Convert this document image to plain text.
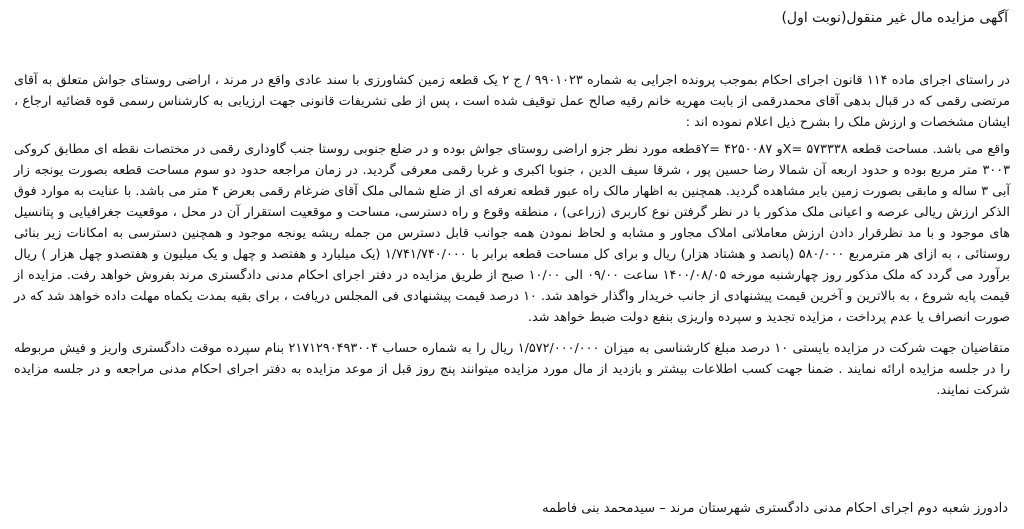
آگهی مزایده مال غیر منقول(نوبت اول)

در راستای اجرای ماده ۱۱۴ قانون اجرای احکام بموجب پرونده اجرایی به شماره ۹۹۰۱۰۲۳ / ج ۲ یک قطعه زمین کشاورزی با سند عادی واقع در مرند ، اراضی روستای جواش متعلق به آقای مرتضی رقمی که در قبال بدهی آقای محمدرقمی از بابت مهریه خانم رقیه صالح عمل توقیف شده است ، پس از طی تشریفات قانونی جهت ارزیابی به کارشناس رسمی قوه قضائیه ارجاع ، ایشان مشخصات و ارزش ملک را بشرح ذیل اعلام نموده اند :

واقع می باشد. مساحت قطعه ۵۷۳۳۳۸ =Xو ۴۲۵۰۰۸۷ =Yقطعه مورد نظر جزو اراضی روستای جواش بوده و در ضلع جنوبی روستا جنب گاوداری رقمی در مختصات نقطه ای مطابق کروکی ۳۰۰۳ متر مربع بوده و حدود اربعه آن شمالا رضا حسین پور ، شرقا سیف الدین ، جنوبا اکبری و غربا رقمی معرفی گردید. در زمان مراجعه حدود دو سوم مساحت قطعه بصورت یونجه زار آبی ۳ ساله و مابقی بصورت زمین بایر مشاهده گردید. همچنین به اظهار مالک راه عبور قطعه تعرفه ای از ضلع شمالی ملک آقای ضرغام رقمی بعرض ۴ متر می باشد. با عنایت به موارد فوق الذکر ارزش ریالی عرصه و اعیانی ملک مذکور با در نظر گرفتن نوع کاربری (زراعی) ، منطقه وقوع و راه دسترسی، مساحت و موقعیت استقرار آن در محل ، موقعیت جغرافیایی و پتانسیل های موجود و با مد نظرقرار دادن ارزش معاملاتی املاک مجاور و مشابه و لحاظ نمودن همه جوانب قابل دسترس من جمله ریشه یونجه موجود و همچنین دسترسی به امکانات زیر بنائی روستائی ، به ازای هر مترمربع ۵۸۰/۰۰۰ (پانصد و هشتاد هزار) ریال و برای کل مساحت قطعه برابر با ۱/۷۴۱/۷۴۰/۰۰۰ (یک میلیارد و هفتصد و چهل و یک میلیون و هفتصدو چهل هزار ) ریال برآورد می گردد که ملک مذکور روز چهارشنبه مورخه ۱۴۰۰/۰۸/۰۵ ساعت ۰۹/۰۰ الی ۱۰/۰۰ صبح از طریق مزایده در دفتر اجرای احکام مدنی دادگستری مرند بفروش خواهد رفت. مزایده از قیمت پایه شروع ، به بالاترین و آخرین قیمت پیشنهادی از جانب خریدار واگذار خواهد شد. ۱۰ درصد قیمت پیشنهادی فی المجلس دریافت ، برای بقیه بمدت یکماه مهلت داده خواهد شد که در صورت انصراف یا عدم پرداخت ، مزایده تجدید و سپرده واریزی بنفع دولت ضبط خواهد شد.

متقاضیان جهت شرکت در مزایده بایستی ۱۰ درصد مبلغ کارشناسی به میزان ۱/۵۷۲/۰۰۰/۰۰۰ ریال را به شماره حساب ۲۱۷۱۲۹۰۴۹۳۰۰۴ بنام سپرده موقت دادگستری واریز و فیش مربوطه را در جلسه مزایده ارائه نمایند . ضمنا جهت کسب اطلاعات بیشتر و بازدید از مال مورد مزایده میتوانند پنج روز قبل از موعد مزایده به دفتر اجرای احکام مدنی مراجعه و در جلسه مزایده شرکت نمایند.

دادورز شعبه دوم اجرای احکام مدنی دادگستری شهرستان مرند – سیدمحمد بنی فاطمه
